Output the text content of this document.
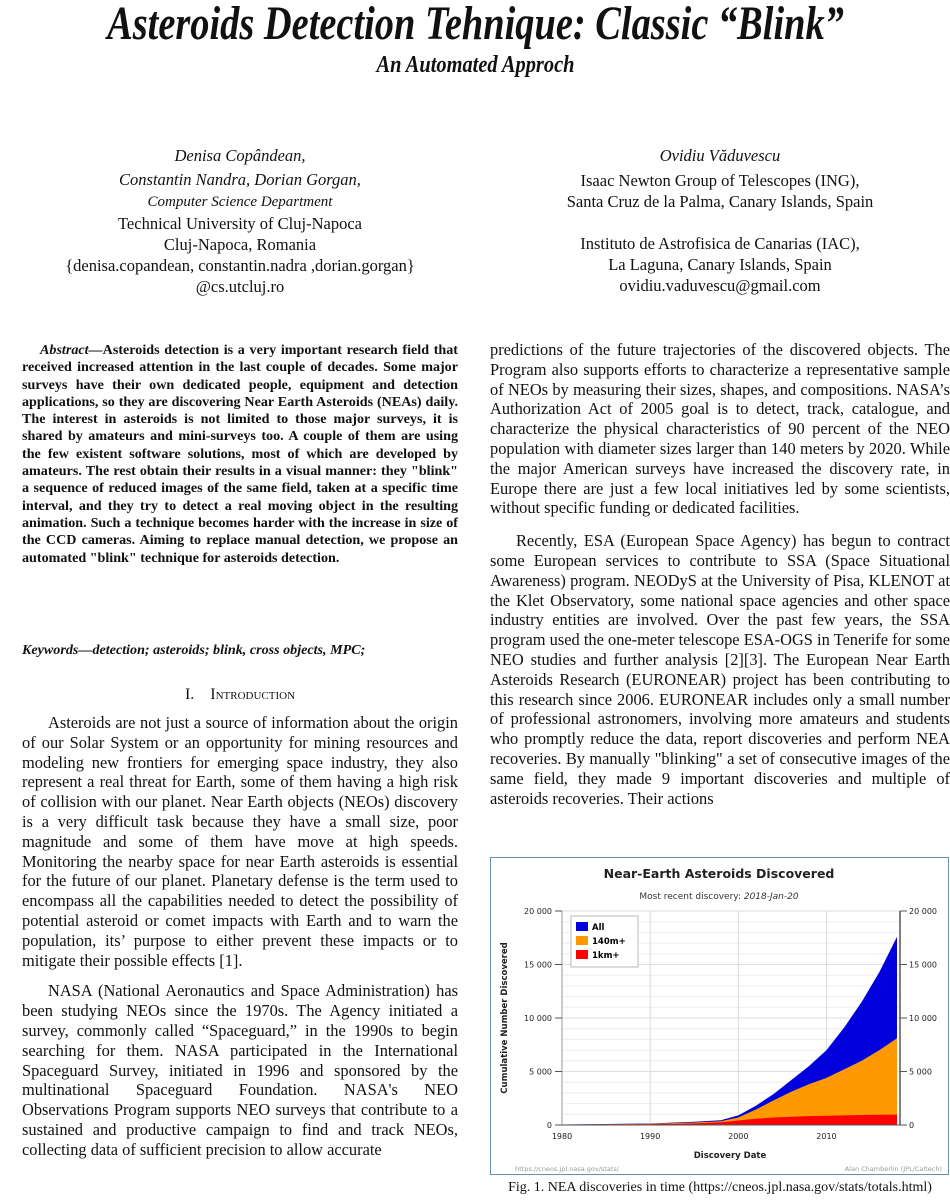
Asteroids Detection Tehnique: Classic “Blink”
An Automated Approch
Denisa Copândean,
Constantin Nandra, Dorian Gorgan,
Computer Science Department
Technical University of Cluj-Napoca
Cluj-Napoca, Romania
{denisa.copandean, constantin.nadra ,dorian.gorgan}
@cs.utcluj.ro
Ovidiu Văduvescu
Isaac Newton Group of Telescopes (ING),
Santa Cruz de la Palma, Canary Islands, Spain
Instituto de Astrofisica de Canarias (IAC),
La Laguna, Canary Islands, Spain
ovidiu.vaduvescu@gmail.com
Abstract—Asteroids detection is a very important research field that received increased attention in the last couple of decades. Some major surveys have their own dedicated people, equipment and detection applications, so they are discovering Near Earth Asteroids (NEAs) daily. The interest in asteroids is not limited to those major surveys, it is shared by amateurs and mini-surveys too. A couple of them are using the few existent software solutions, most of which are developed by amateurs. The rest obtain their results in a visual manner: they "blink" a sequence of reduced images of the same field, taken at a specific time interval, and they try to detect a real moving object in the resulting animation. Such a technique becomes harder with the increase in size of the CCD cameras. Aiming to replace manual detection, we propose an automated "blink" technique for asteroids detection.
Keywords—detection; asteroids; blink, cross objects, MPC;
I. Introduction

Asteroids are not just a source of information about the origin of our Solar System or an opportunity for mining resources and modeling new frontiers for emerging space industry, they also represent a real threat for Earth, some of them having a high risk of collision with our planet. Near Earth objects (NEOs) discovery is a very difficult task because they have a small size, poor magnitude and some of them have move at high speeds. Monitoring the nearby space for near Earth asteroids is essential for the future of our planet. Planetary defense is the term used to encompass all the capabilities needed to detect the possibility of potential asteroid or comet impacts with Earth and to warn the population, its’ purpose to either prevent these impacts or to mitigate their possible effects [1].

NASA (National Aeronautics and Space Administration) has been studying NEOs since the 1970s. The Agency initiated a survey, commonly called “Spaceguard,” in the 1990s to begin searching for them. NASA participated in the International Spaceguard Survey, initiated in 1996 and sponsored by the multinational Spaceguard Foundation. NASA's NEO Observations Program supports NEO surveys that contribute to a sustained and productive campaign to find and track NEOs, collecting data of sufficient precision to allow accurate

predictions of the future trajectories of the discovered objects. The Program also supports efforts to characterize a representative sample of NEOs by measuring their sizes, shapes, and compositions. NASA’s Authorization Act of 2005 goal is to detect, track, catalogue, and characterize the physical characteristics of 90 percent of the NEO population with diameter sizes larger than 140 meters by 2020. While the major American surveys have increased the discovery rate, in Europe there are just a few local initiatives led by some scientists, without specific funding or dedicated facilities.

Recently, ESA (European Space Agency) has begun to contract some European services to contribute to SSA (Space Situational Awareness) program. NEODyS at the University of Pisa, KLENOT at the Klet Observatory, some national space agencies and other space industry entities are involved. Over the past few years, the SSA program used the one-meter telescope ESA-OGS in Tenerife for some NEO studies and further analysis [2][3]. The European Near Earth Asteroids Research (EURONEAR) project has been contributing to this research since 2006. EURONEAR includes only a small number of professional astronomers, involving more amateurs and students who promptly reduce the data, report discoveries and perform NEA recoveries. By manually "blinking" a set of consecutive images of the same field, they made 9 important discoveries and multiple of asteroids recoveries. Their actions

Near-Earth Asteroids Discovered
Most recent discovery: 2018-Jan-20
0	0
5 000	5 000
10 000	10 000
15 000	15 000
20 000	20 000
1980	1990	2000	2010
All
140m+
1km+
Cumulative Number Discovered
Discovery Date
https://cneos.jpl.nasa.gov/stats/	Alan Chamberlin (JPL/Caltech)
Fig. 1. NEA discoveries in time (https://cneos.jpl.nasa.gov/stats/totals.html)
